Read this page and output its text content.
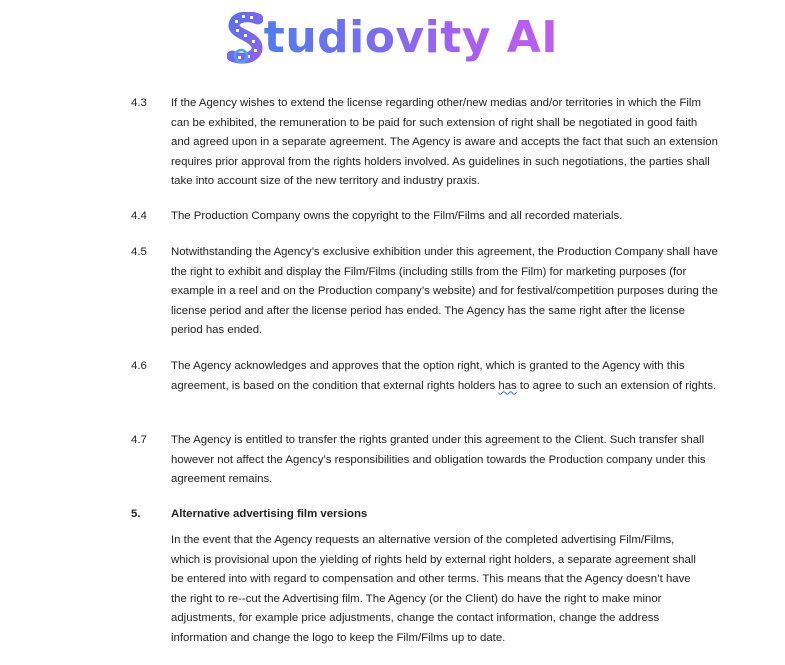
tudiovity AI
4.3 If the Agency wishes to extend the license regarding other/new medias and/or territories in which the Film can be exhibited, the remuneration to be paid for such extension of right shall be negotiated in good faith and agreed upon in a separate agreement. The Agency is aware and accepts the fact that such an extension requires prior approval from the rights holders involved. As guidelines in such negotiations, the parties shall take into account size of the new territory and industry praxis.
4.4 The Production Company owns the copyright to the Film/Films and all recorded materials.
4.5 Notwithstanding the Agency’s exclusive exhibition under this agreement, the Production Company shall have the right to exhibit and display the Film/Films (including stills from the Film) for marketing purposes (for example in a reel and on the Production company’s website) and for festival/competition purposes during the license period and after the license period has ended. The Agency has the same right after the license period has ended.
4.6 The Agency acknowledges and approves that the option right, which is granted to the Agency with this agreement, is based on the condition that external rights holders has to agree to such an extension of rights.
4.7 The Agency is entitled to transfer the rights granted under this agreement to the Client. Such transfer shall however not affect the Agency’s responsibilities and obligation towards the Production company under this agreement remains.
5.	Alternative advertising film versions
In the event that the Agency requests an alternative version of the completed advertising Film/Films, which is provisional upon the yielding of rights held by external right holders, a separate agreement shall be entered into with regard to compensation and other terms. This means that the Agency doesn’t have the right to re--cut the Advertising film. The Agency (or the Client) do have the right to make minor adjustments, for example price adjustments, change the contact information, change the address information and change the logo to keep the Film/Films up to date.
